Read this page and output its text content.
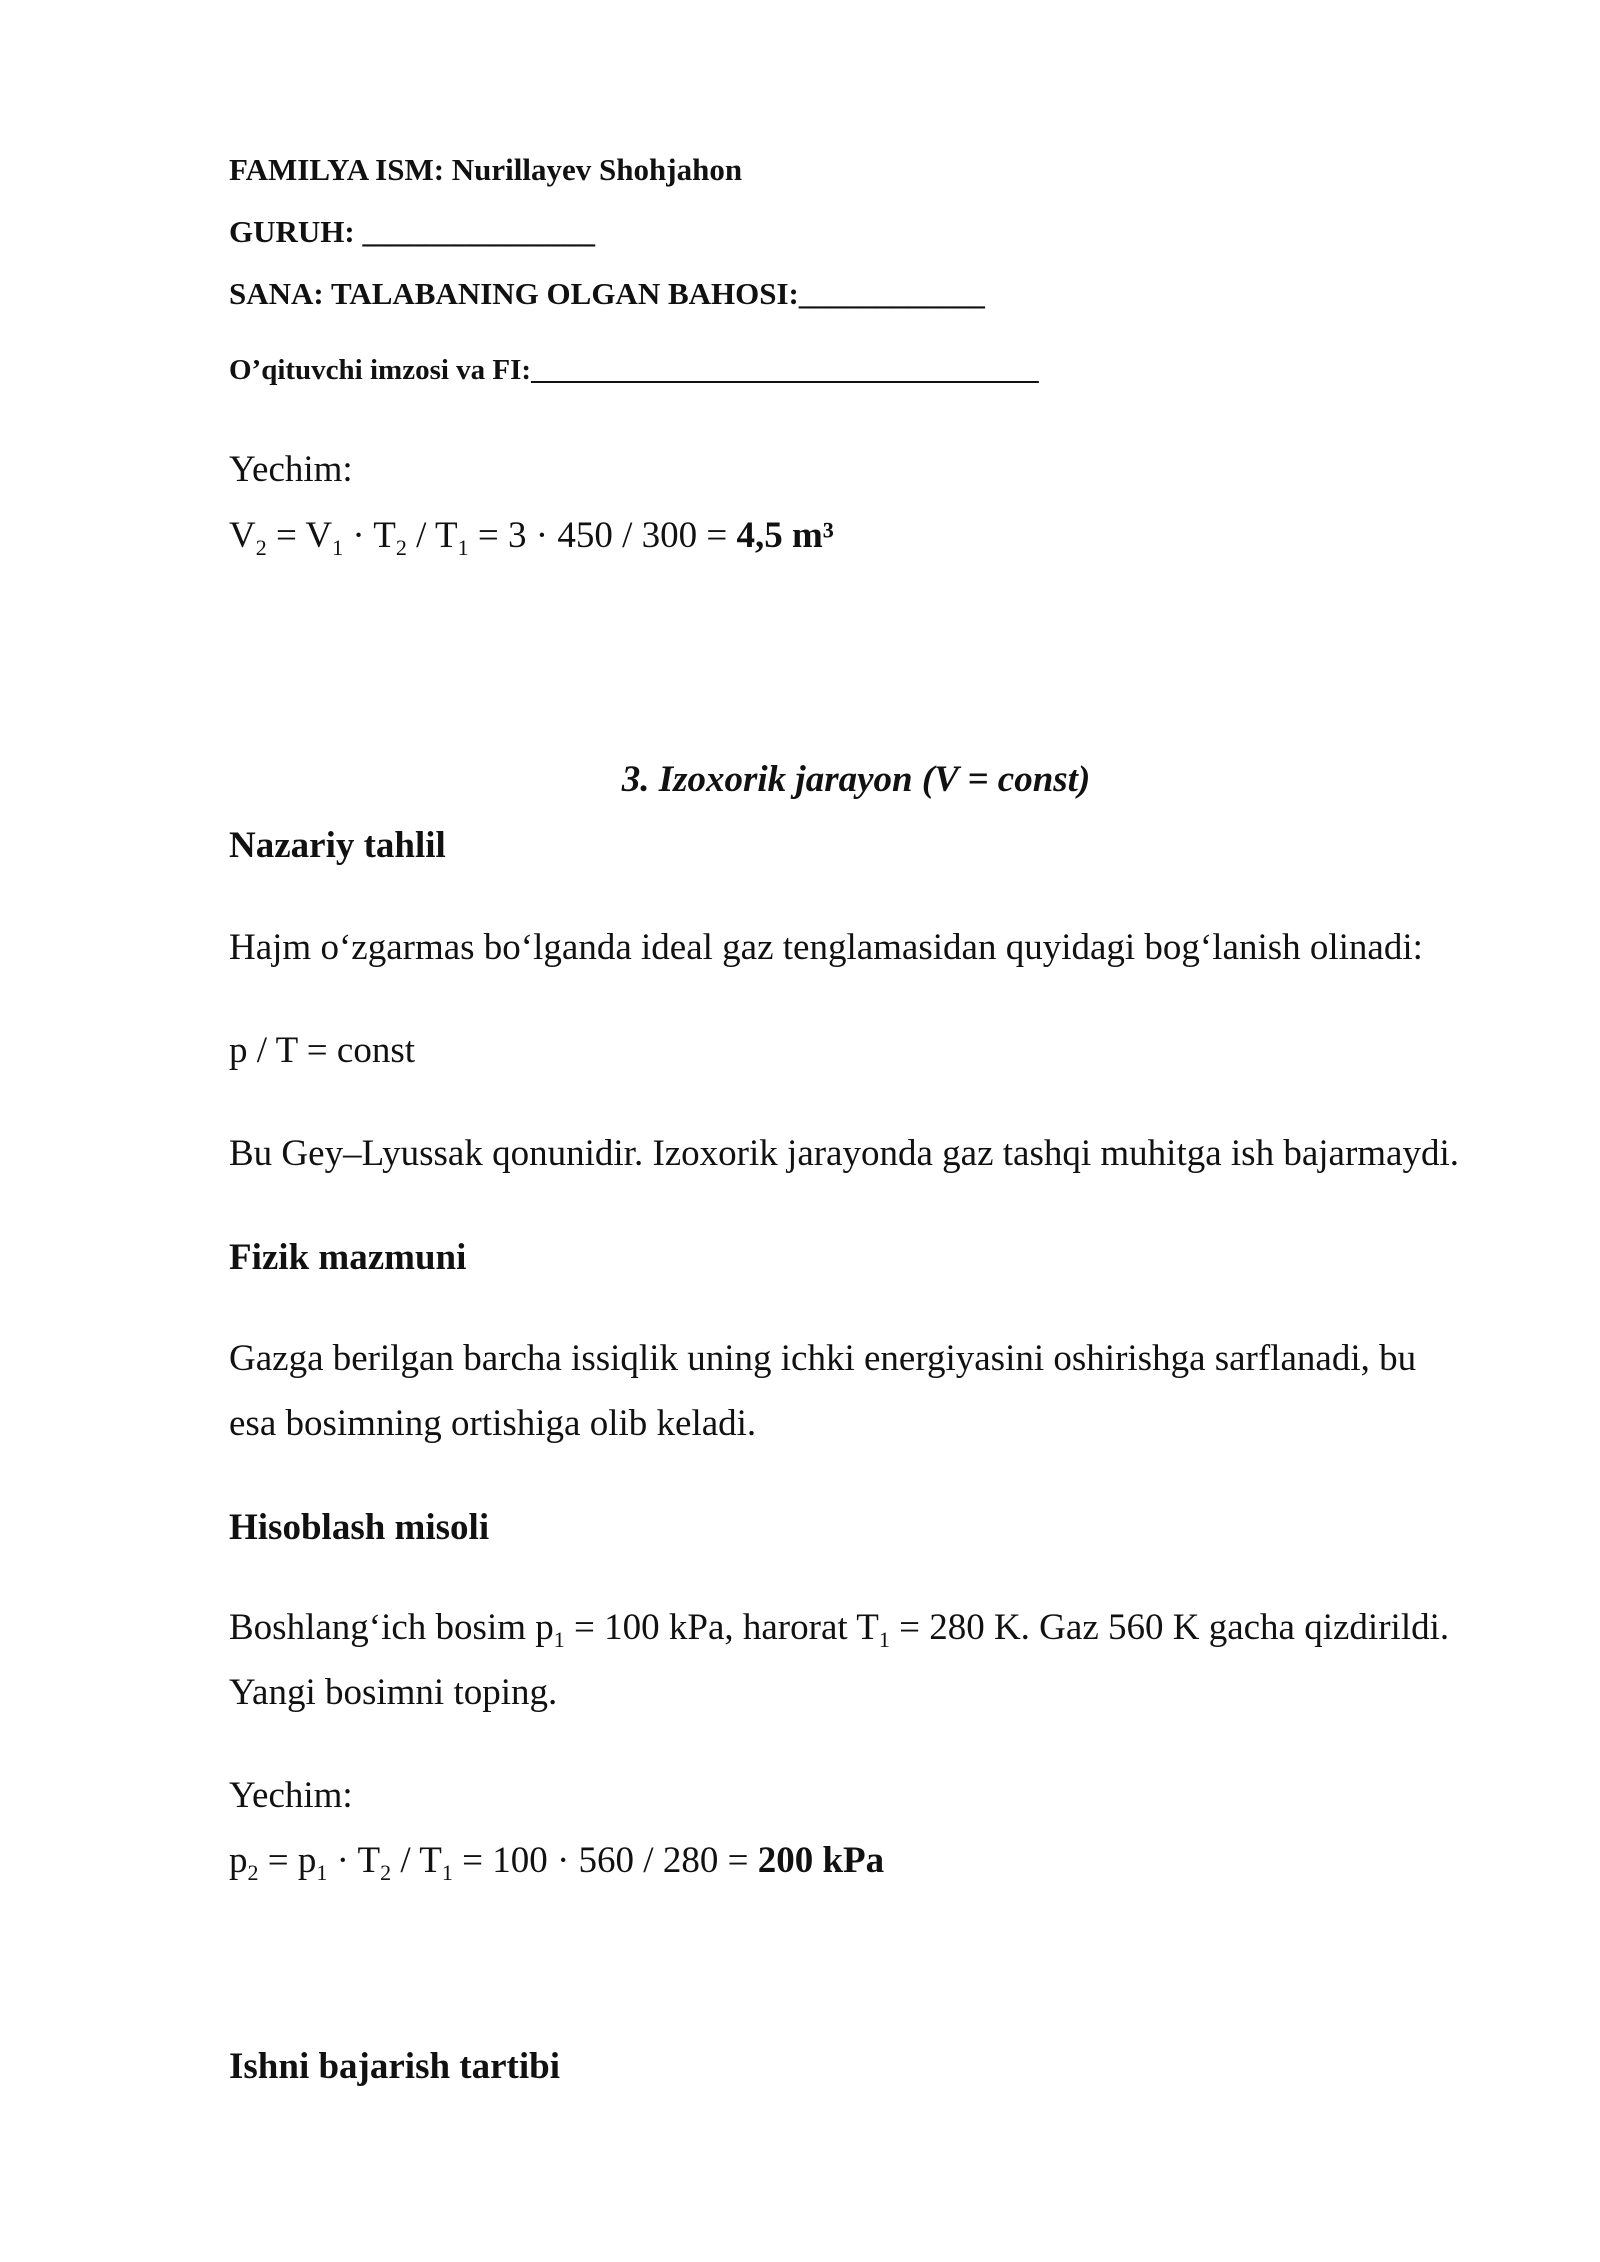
FAMILYA ISM: Nurillayev Shohjahon

GURUH: _______________

SANA: TALABANING OLGAN BAHOSI:____________

O’qituvchi imzosi va FI:___________________________________

Yechim:

$V_2 = V_1 \cdot T_2 / T_1 = 3 \cdot 450 / 300 = 4,5$ m³

3. Izoxorik jarayon (V = const)

Nazariy tahlil

Hajm o‘zgarmas bo‘lganda ideal gaz tenglamasidan quyidagi bog‘lanish olinadi:

p / T = const

Bu Gey–Lyussak qonunidir. Izoxorik jarayonda gaz tashqi muhitga ish bajarmaydi.

Fizik mazmuni

Gazga berilgan barcha issiqlik uning ichki energiyasini oshirishga sarflanadi, bu

esa bosimning ortishiga olib keladi.

Hisoblash misoli

Boshlang‘ich bosim $p_1 = 100$ kPa, harorat $T_1 = 280$ K. Gaz 560 K gacha qizdirildi.

Yangi bosimni toping.

Yechim:

$p_2 = p_1 \cdot T_2 / T_1 = 100 \cdot 560 / 280 = 200$ kPa

Ishni bajarish tartibi
